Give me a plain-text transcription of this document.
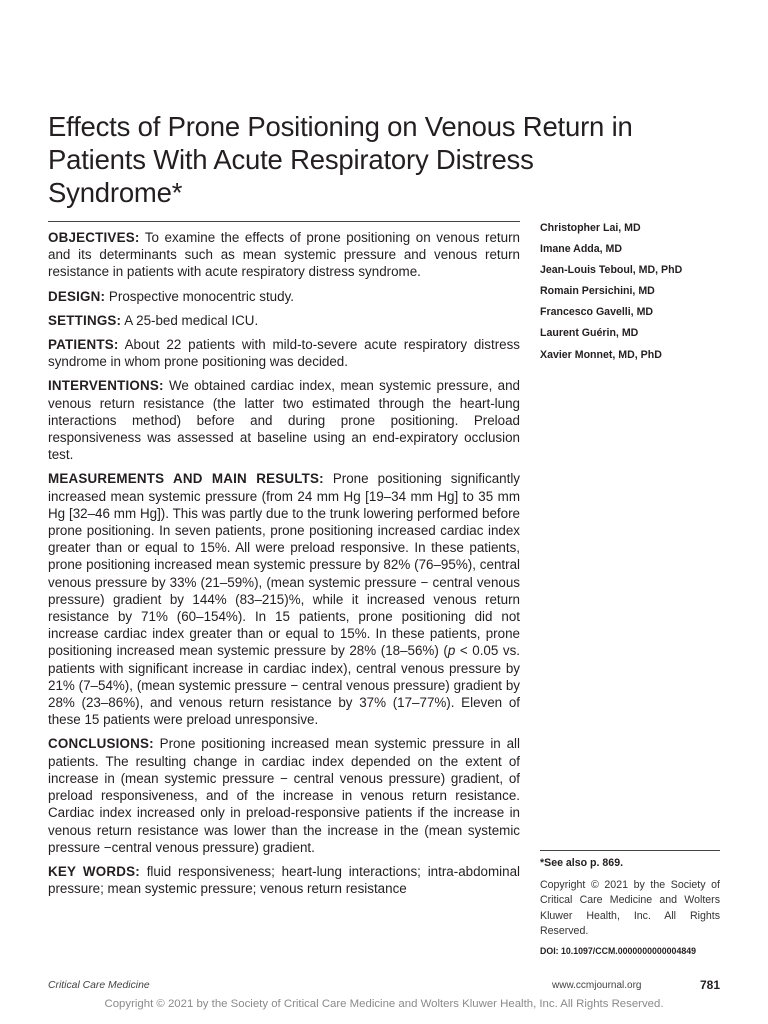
Effects of Prone Positioning on Venous Return in Patients With Acute Respiratory Distress Syndrome*

OBJECTIVES: To examine the effects of prone positioning on venous return and its determinants such as mean systemic pressure and venous return resistance in patients with acute respiratory distress syndrome.

DESIGN: Prospective monocentric study.

SETTINGS: A 25-bed medical ICU.

PATIENTS: About 22 patients with mild-to-severe acute respiratory distress syndrome in whom prone positioning was decided.

INTERVENTIONS: We obtained cardiac index, mean systemic pressure, and venous return resistance (the latter two estimated through the heart-lung interactions method) before and during prone positioning. Preload responsiveness was assessed at baseline using an end-expiratory occlusion test.

MEASUREMENTS AND MAIN RESULTS: Prone positioning significantly increased mean systemic pressure (from 24 mm Hg [19–34 mm Hg] to 35 mm Hg [32–46 mm Hg]). This was partly due to the trunk lowering performed before prone positioning. In seven patients, prone positioning increased cardiac index greater than or equal to 15%. All were preload responsive. In these patients, prone positioning increased mean systemic pressure by 82% (76–95%), central venous pressure by 33% (21–59%), (mean systemic pressure − central venous pressure) gradient by 144% (83–215)%, while it increased venous return resistance by 71% (60–154%). In 15 patients, prone positioning did not increase cardiac index greater than or equal to 15%. In these patients, prone positioning increased mean systemic pressure by 28% (18–56%) (p < 0.05 vs. patients with significant increase in cardiac index), central venous pressure by 21% (7–54%), (mean systemic pressure − central venous pressure) gradient by 28% (23–86%), and venous return resistance by 37% (17–77%). Eleven of these 15 patients were preload unresponsive.

CONCLUSIONS: Prone positioning increased mean systemic pressure in all patients. The resulting change in cardiac index depended on the extent of increase in (mean systemic pressure − central venous pressure) gradient, of preload responsiveness, and of the increase in venous return resistance. Cardiac index increased only in preload-responsive patients if the increase in venous return resistance was lower than the increase in the (mean systemic pressure −central venous pressure) gradient.

KEY WORDS: fluid responsiveness; heart-lung interactions; intra-abdominal pressure; mean systemic pressure; venous return resistance

Christopher Lai, MD
Imane Adda, MD
Jean-Louis Teboul, MD, PhD
Romain Persichini, MD
Francesco Gavelli, MD
Laurent Guérin, MD
Xavier Monnet, MD, PhD

*See also p. 869.

Copyright © 2021 by the Society of Critical Care Medicine and Wolters Kluwer Health, Inc. All Rights Reserved.

DOI: 10.1097/CCM.0000000000004849

Critical Care Medicine	www.ccmjournal.org	781
Copyright © 2021 by the Society of Critical Care Medicine and Wolters Kluwer Health, Inc. All Rights Reserved.
